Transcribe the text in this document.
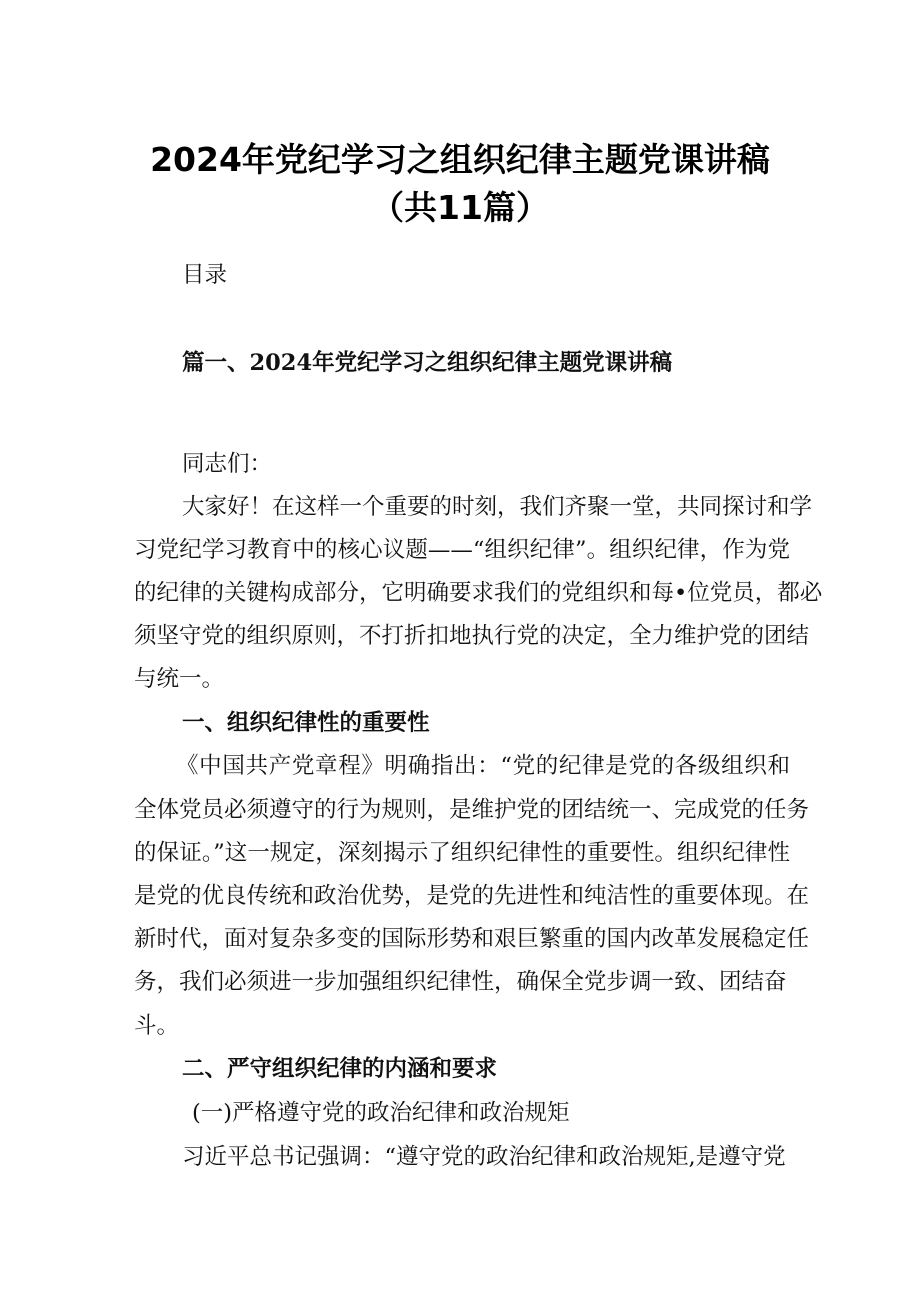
2024年党纪学习之组织纪律主题党课讲稿
（共11篇）
目录
篇一、2024年党纪学习之组织纪律主题党课讲稿
同志们：
大家好！在这样一个重要的时刻，我们齐聚一堂，共同探讨和学
习党纪学习教育中的核心议题——“组织纪律”。组织纪律，作为党
的纪律的关键构成部分，它明确要求我们的党组织和每•位党员，都必
须坚守党的组织原则，不打折扣地执行党的决定，全力维护党的团结
与统一。
一、组织纪律性的重要性
《中国共产党章程》明确指出：“党的纪律是党的各级组织和
全体党员必须遵守的行为规则，是维护党的团结统一、完成党的任务
的保证。”这一规定，深刻揭示了组织纪律性的重要性。组织纪律性
是党的优良传统和政治优势，是党的先进性和纯洁性的重要体现。在
新时代，面对复杂多变的国际形势和艰巨繁重的国内改革发展稳定任
务，我们必须进一步加强组织纪律性，确保全党步调一致、团结奋
斗。
二、严守组织纪律的内涵和要求
(一)严格遵守党的政治纪律和政治规矩
习近平总书记强调：“遵守党的政治纪律和政治规矩,是遵守党
